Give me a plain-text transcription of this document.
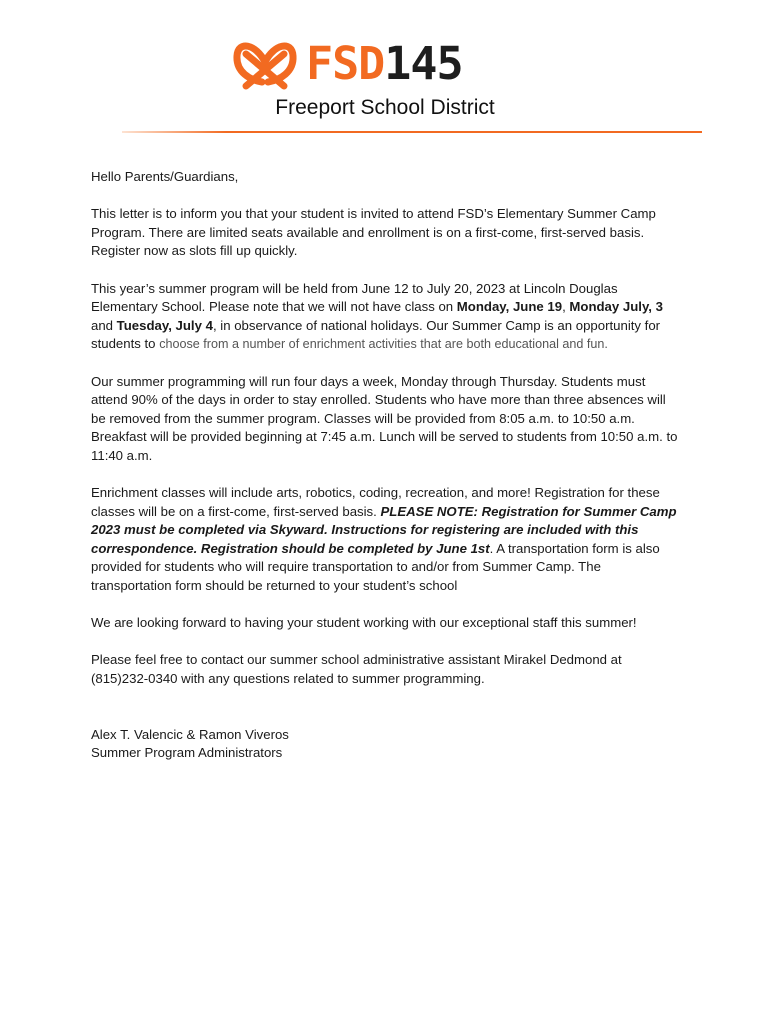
FSD145
Freeport School District

Hello Parents/Guardians,

This letter is to inform you that your student is invited to attend FSD’s Elementary Summer Camp Program. There are limited seats available and enrollment is on a first-come, first-served basis. Register now as slots fill up quickly.

This year’s summer program will be held from June 12 to July 20, 2023 at Lincoln Douglas Elementary School. Please note that we will not have class on Monday, June 19, Monday July, 3 and Tuesday, July 4, in observance of national holidays. Our Summer Camp is an opportunity for students to choose from a number of enrichment activities that are both educational and fun.

Our summer programming will run four days a week, Monday through Thursday. Students must attend 90% of the days in order to stay enrolled. Students who have more than three absences will be removed from the summer program. Classes will be provided from 8:05 a.m. to 10:50 a.m. Breakfast will be provided beginning at 7:45 a.m. Lunch will be served to students from 10:50 a.m. to 11:40 a.m.

Enrichment classes will include arts, robotics, coding, recreation, and more! Registration for these classes will be on a first-come, first-served basis. PLEASE NOTE: Registration for Summer Camp 2023 must be completed via Skyward. Instructions for registering are included with this correspondence. Registration should be completed by June 1st. A transportation form is also provided for students who will require transportation to and/or from Summer Camp. The transportation form should be returned to your student’s school

We are looking forward to having your student working with our exceptional staff this summer!

Please feel free to contact our summer school administrative assistant Mirakel Dedmond at (815)232-0340 with any questions related to summer programming.

Alex T. Valencic & Ramon Viveros
Summer Program Administrators
